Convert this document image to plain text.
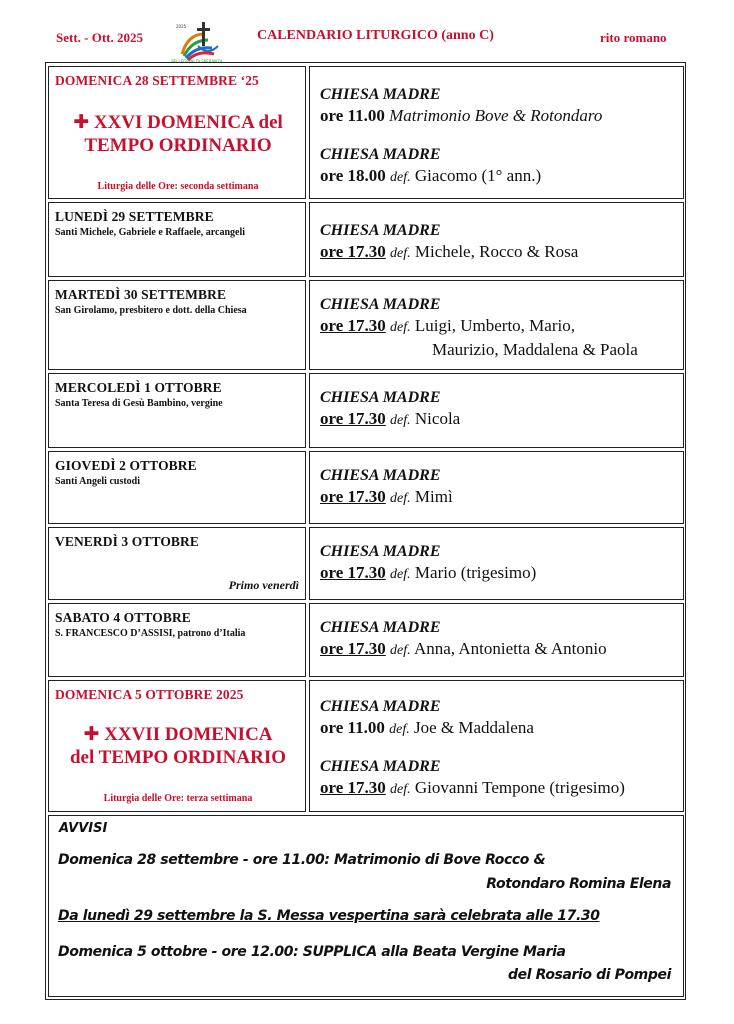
Sett. - Ott. 2025
PELLEGRINI DI SPERANZA
2025
CALENDARIO LITURGICO (anno C)	rito romano
DOMENICA 28 SETTEMBRE ‘25
✚ XXVI DOMENICA del
TEMPO ORDINARIO
Liturgia delle Ore: seconda settimana
CHIESA MADRE
ore 11.00 Matrimonio Bove & Rotondaro
CHIESA MADRE
ore 18.00 def. Giacomo (1° ann.)
LUNEDÌ 29 SETTEMBRE
Santi Michele, Gabriele e Raffaele, arcangeli	CHIESA MADRE
ore 17.30 def. Michele, Rocco & Rosa
MARTEDÌ 30 SETTEMBRE
San Girolamo, presbitero e dott. della Chiesa	CHIESA MADRE
ore 17.30 def. Luigi, Umberto, Mario,
Maurizio, Maddalena & Paola
MERCOLEDÌ 1 OTTOBRE
Santa Teresa di Gesù Bambino, vergine	CHIESA MADRE
ore 17.30 def. Nicola
GIOVEDÌ 2 OTTOBRE
Santi Angeli custodi	CHIESA MADRE
ore 17.30 def. Mimì
VENERDÌ 3 OTTOBRE
Primo venerdì
CHIESA MADRE
ore 17.30 def. Mario (trigesimo)
SABATO 4 OTTOBRE
S. FRANCESCO D’ASSISI, patrono d’Italia	CHIESA MADRE
ore 17.30 def. Anna, Antonietta & Antonio
DOMENICA 5 OTTOBRE 2025
✚ XXVII DOMENICA
del TEMPO ORDINARIO
Liturgia delle Ore: terza settimana
CHIESA MADRE
ore 11.00 def. Joe & Maddalena
CHIESA MADRE
ore 17.30 def. Giovanni Tempone (trigesimo)
AVVISI
Domenica 28 settembre - ore 11.00: Matrimonio di Bove Rocco &
Rotondaro Romina Elena
Da lunedì 29 settembre la S. Messa vespertina sarà celebrata alle 17.30
Domenica 5 ottobre - ore 12.00: SUPPLICA alla Beata Vergine Maria
del Rosario di Pompei
